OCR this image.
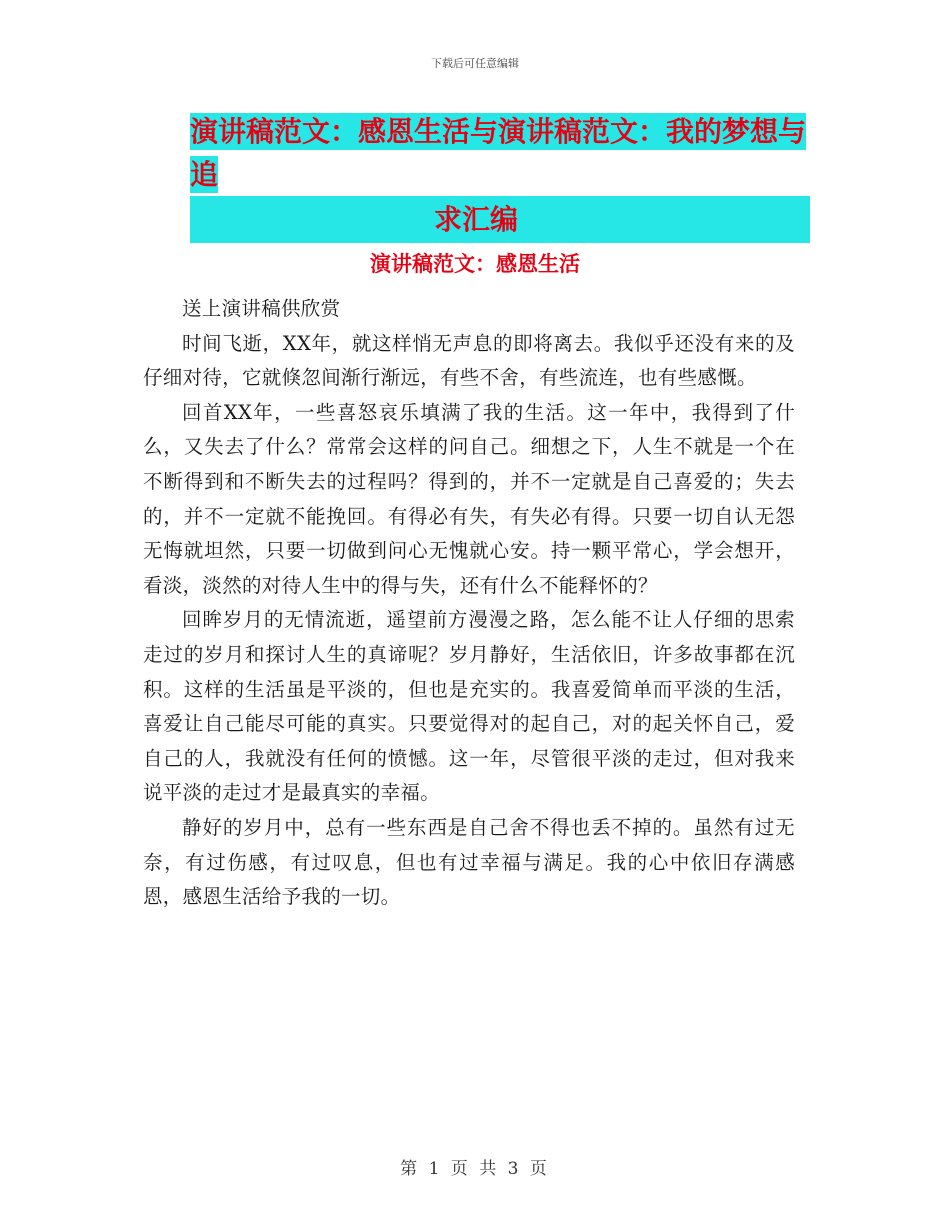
下载后可任意编辑
演讲稿范文：感恩生活与演讲稿范文：我的梦想与追
求汇编
演讲稿范文：感恩生活

送上演讲稿供欣赏

时间飞逝，XX年，就这样悄无声息的即将离去。我似乎还没有来的及仔细对待，它就倏忽间渐行渐远，有些不舍，有些流连，也有些感慨。

回首XX年，一些喜怒哀乐填满了我的生活。这一年中，我得到了什么，又失去了什么？常常会这样的问自己。细想之下，人生不就是一个在不断得到和不断失去的过程吗？得到的，并不一定就是自己喜爱的；失去的，并不一定就不能挽回。有得必有失，有失必有得。只要一切自认无怨无悔就坦然，只要一切做到问心无愧就心安。持一颗平常心，学会想开，看淡，淡然的对待人生中的得与失，还有什么不能释怀的？

回眸岁月的无情流逝，遥望前方漫漫之路，怎么能不让人仔细的思索走过的岁月和探讨人生的真谛呢？岁月静好，生活依旧，许多故事都在沉积。这样的生活虽是平淡的，但也是充实的。我喜爱简单而平淡的生活，喜爱让自己能尽可能的真实。只要觉得对的起自己，对的起关怀自己，爱自己的人，我就没有任何的愤憾。这一年，尽管很平淡的走过，但对我来说平淡的走过才是最真实的幸福。

静好的岁月中，总有一些东西是自己舍不得也丢不掉的。虽然有过无奈，有过伤感，有过叹息，但也有过幸福与满足。我的心中依旧存满感恩，感恩生活给予我的一切。

第 1 页 共 3 页
